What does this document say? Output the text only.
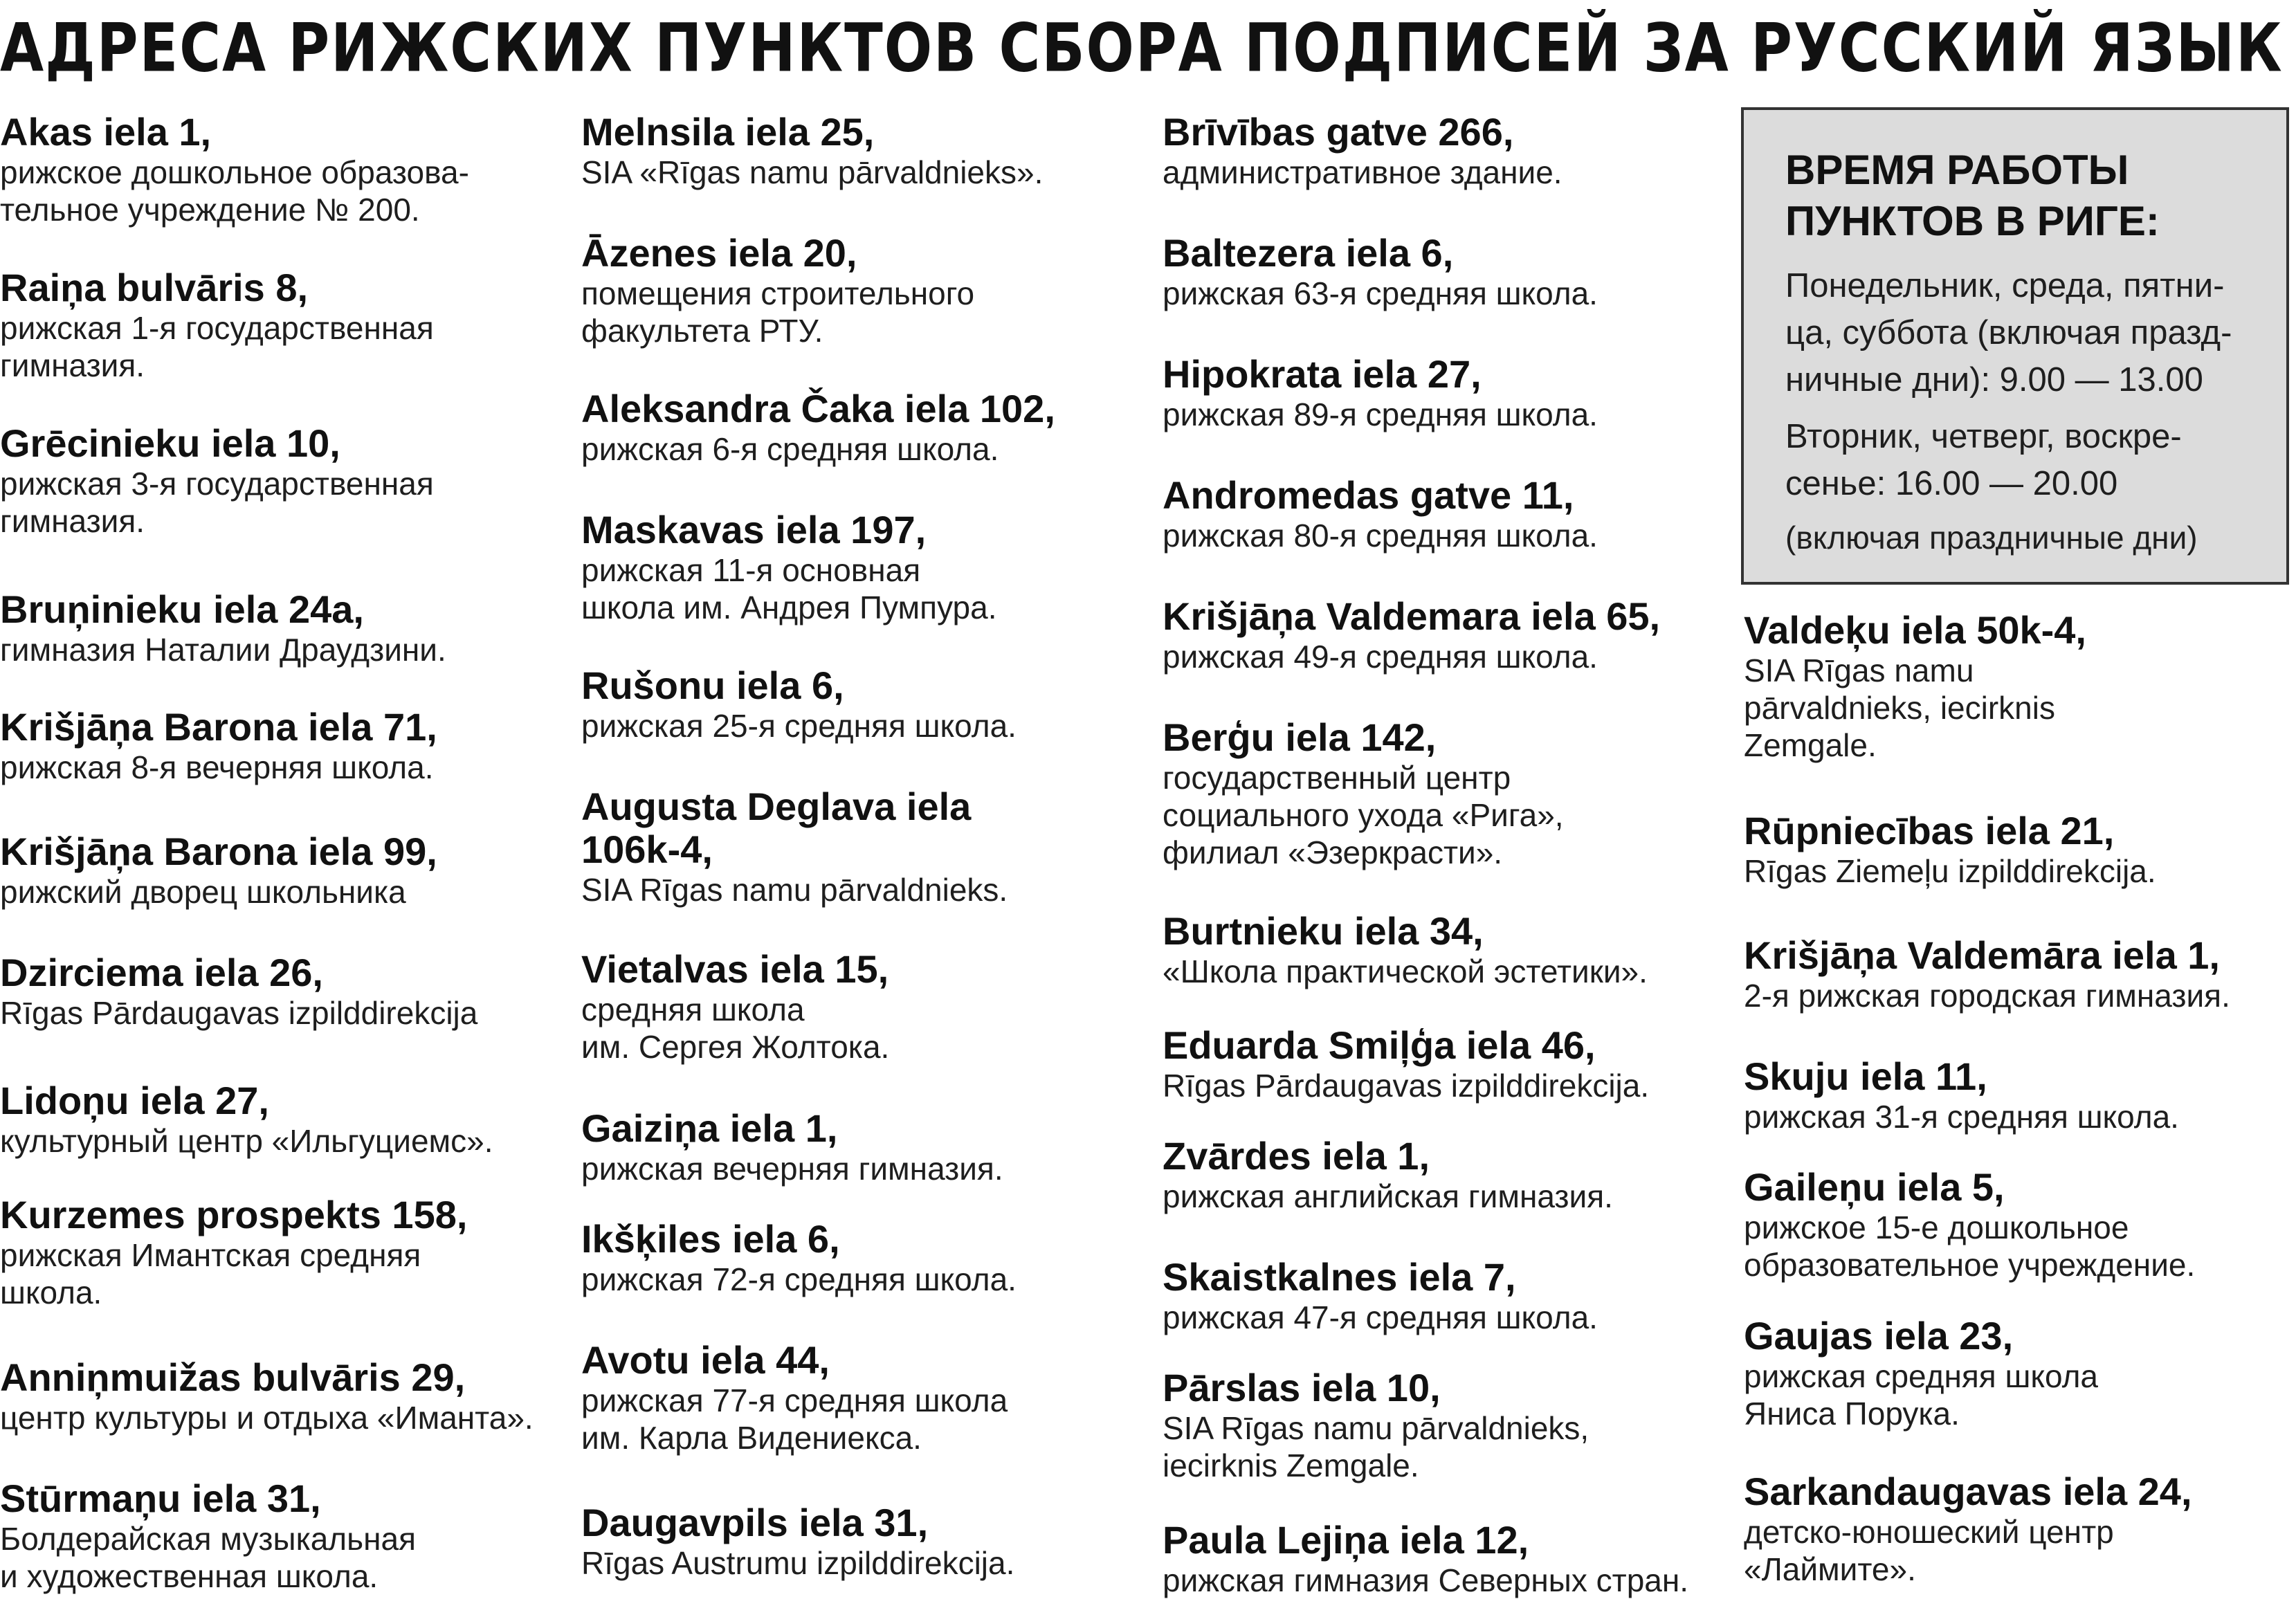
АДРЕСА РИЖСКИХ ПУНКТОВ СБОРА ПОДПИСЕЙ ЗА РУССКИЙ ЯЗЫК
Akas iela 1,
рижское дошкольное образова-
тельное учреждение № 200.
Raiņa bulvāris 8,
рижская 1-я государственная
гимназия.
Grēcinieku iela 10,
рижская 3-я государственная
гимназия.
Bruņinieku iela 24a,
гимназия Наталии Драудзини.
Krišjāņa Barona iela 71,
рижская 8-я вечерняя школа.
Krišjāņa Barona iela 99,
рижский дворец школьника
Dzirciema iela 26,
Rīgas Pārdaugavas izpilddirekcija
Lidoņu iela 27,
культурный центр «Ильгуциемс».
Kurzemes prospekts 158,
рижская Имантская средняя
школа.
Anniņmuižas bulvāris 29,
центр культуры и отдыха «Иманта».
Stūrmaņu iela 31,
Болдерайская музыкальная
и художественная школа.
Melnsila iela 25,
SIA «Rīgas namu pārvaldnieks».
Āzenes iela 20,
помещения строительного
факультета РТУ.
Aleksandra Čaka iela 102,
рижская 6-я средняя школа.
Maskavas iela 197,
рижская 11-я основная
школа им. Андрея Пумпура.
Rušonu iela 6,
рижская 25-я средняя школа.
Augusta Deglava iela
106k-4,
SIA Rīgas namu pārvaldnieks.
Vietalvas iela 15,
средняя школа
им. Сергея Жолтока.
Gaiziņa iela 1,
рижская вечерняя гимназия.
Ikšķiles iela 6,
рижская 72-я средняя школа.
Avotu iela 44,
рижская 77-я средняя школа
им. Карла Видениекса.
Daugavpils iela 31,
Rīgas Austrumu izpilddirekcija.
Brīvības gatve 266,
административное здание.
Baltezera iela 6,
рижская 63-я средняя школа.
Hipokrata iela 27,
рижская 89-я средняя школа.
Andromedas gatve 11,
рижская 80-я средняя школа.
Krišjāņa Valdemara iela 65,
рижская 49-я средняя школа.
Berģu iela 142,
государственный центр
социального ухода «Рига»,
филиал «Эзеркрасти».
Burtnieku iela 34,
«Школа практической эстетики».
Eduarda Smiļģa iela 46,
Rīgas Pārdaugavas izpilddirekcija.
Zvārdes iela 1,
рижская английская гимназия.
Skaistkalnes iela 7,
рижская 47-я средняя школа.
Pārslas iela 10,
SIA Rīgas namu pārvaldnieks,
iecirknis Zemgale.
Paula Lejiņa iela 12,
рижская гимназия Северных стран.
ВРЕМЯ РАБОТЫ
ПУНКТОВ В РИГЕ:
Понедельник, среда, пятни-
ца, суббота (включая празд-
ничные дни): 9.00 — 13.00
Вторник, четверг, воскре-
сенье: 16.00 — 20.00
(включая праздничные дни)
Valdeķu iela 50k-4,
SIA Rīgas namu
pārvaldnieks, iecirknis
Zemgale.
Rūpniecības iela 21,
Rīgas Ziemeļu izpilddirekcija.
Krišjāņa Valdemāra iela 1,
2-я рижская городская гимназия.
Skuju iela 11,
рижская 31-я средняя школа.
Gaileņu iela 5,
рижское 15-е дошкольное
образовательное учреждение.
Gaujas iela 23,
рижская средняя школа
Яниса Порука.
Sarkandaugavas iela 24,
детско-юношеский центр
«Лаймите».
